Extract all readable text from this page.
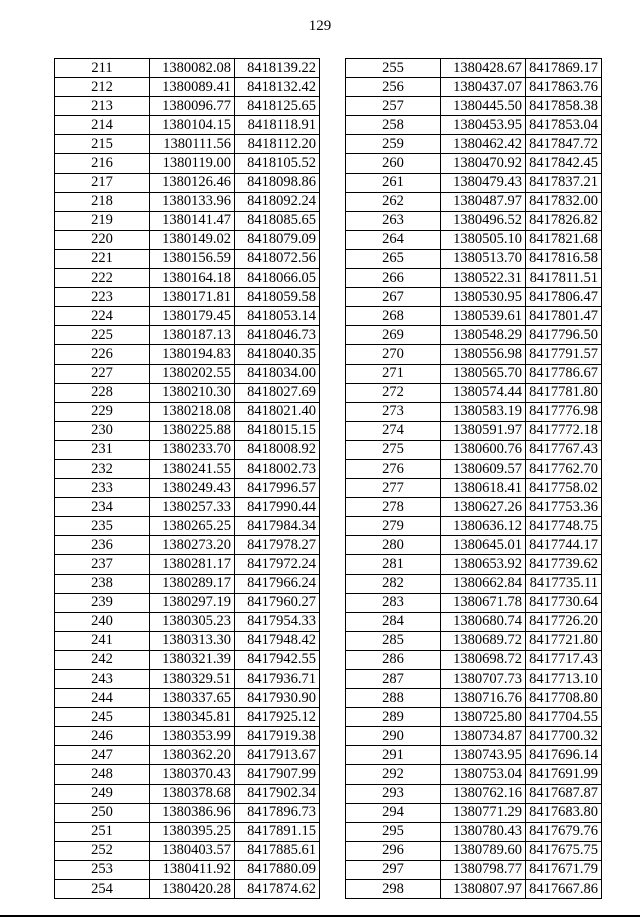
129
211	1380082.08	8418139.22
212	1380089.41	8418132.42
213	1380096.77	8418125.65
214	1380104.15	8418118.91
215	1380111.56	8418112.20
216	1380119.00	8418105.52
217	1380126.46	8418098.86
218	1380133.96	8418092.24
219	1380141.47	8418085.65
220	1380149.02	8418079.09
221	1380156.59	8418072.56
222	1380164.18	8418066.05
223	1380171.81	8418059.58
224	1380179.45	8418053.14
225	1380187.13	8418046.73
226	1380194.83	8418040.35
227	1380202.55	8418034.00
228	1380210.30	8418027.69
229	1380218.08	8418021.40
230	1380225.88	8418015.15
231	1380233.70	8418008.92
232	1380241.55	8418002.73
233	1380249.43	8417996.57
234	1380257.33	8417990.44
235	1380265.25	8417984.34
236	1380273.20	8417978.27
237	1380281.17	8417972.24
238	1380289.17	8417966.24
239	1380297.19	8417960.27
240	1380305.23	8417954.33
241	1380313.30	8417948.42
242	1380321.39	8417942.55
243	1380329.51	8417936.71
244	1380337.65	8417930.90
245	1380345.81	8417925.12
246	1380353.99	8417919.38
247	1380362.20	8417913.67
248	1380370.43	8417907.99
249	1380378.68	8417902.34
250	1380386.96	8417896.73
251	1380395.25	8417891.15
252	1380403.57	8417885.61
253	1380411.92	8417880.09
254	1380420.28	8417874.62
255	1380428.67	8417869.17
256	1380437.07	8417863.76
257	1380445.50	8417858.38
258	1380453.95	8417853.04
259	1380462.42	8417847.72
260	1380470.92	8417842.45
261	1380479.43	8417837.21
262	1380487.97	8417832.00
263	1380496.52	8417826.82
264	1380505.10	8417821.68
265	1380513.70	8417816.58
266	1380522.31	8417811.51
267	1380530.95	8417806.47
268	1380539.61	8417801.47
269	1380548.29	8417796.50
270	1380556.98	8417791.57
271	1380565.70	8417786.67
272	1380574.44	8417781.80
273	1380583.19	8417776.98
274	1380591.97	8417772.18
275	1380600.76	8417767.43
276	1380609.57	8417762.70
277	1380618.41	8417758.02
278	1380627.26	8417753.36
279	1380636.12	8417748.75
280	1380645.01	8417744.17
281	1380653.92	8417739.62
282	1380662.84	8417735.11
283	1380671.78	8417730.64
284	1380680.74	8417726.20
285	1380689.72	8417721.80
286	1380698.72	8417717.43
287	1380707.73	8417713.10
288	1380716.76	8417708.80
289	1380725.80	8417704.55
290	1380734.87	8417700.32
291	1380743.95	8417696.14
292	1380753.04	8417691.99
293	1380762.16	8417687.87
294	1380771.29	8417683.80
295	1380780.43	8417679.76
296	1380789.60	8417675.75
297	1380798.77	8417671.79
298	1380807.97	8417667.86
